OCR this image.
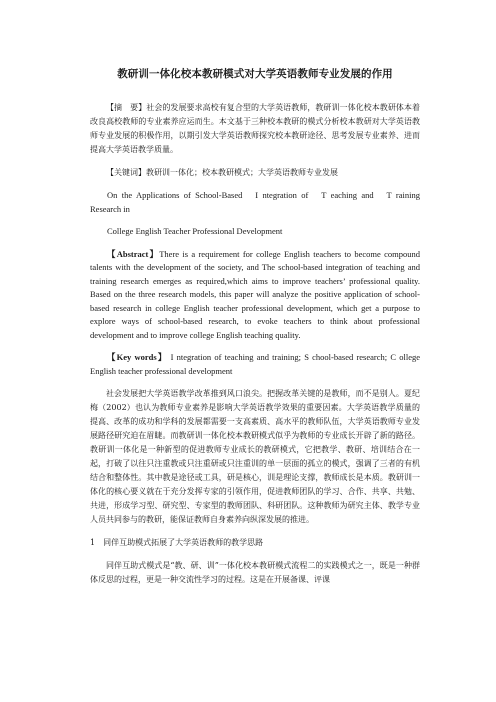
教研训一体化校本教研模式对大学英语教师专业发展的作用

【摘　要】社会的发展要求高校有复合型的大学英语教师，教研训一体化校本教研体本着改良高校教师的专业素养应运而生。本文基于三种校本教研的模式分析校本教研对大学英语教师专业发展的积极作用，以期引发大学英语教师探究校本教研途径、思考发展专业素养、进而提高大学英语教学质量。

【关键词】教研训一体化；校本教研模式；大学英语教师专业发展

On the Applications of School-Based　I ntegration of　T eaching and　T raining Research in

College English Teacher Professional Development

【Abstract】There is a requirement for college English teachers to become compound talents with the development of the society, and The school-based integration of teaching and training research emerges as required,which aims to improve teachers’ professional quality. Based on the three research models, this paper will analyze the positive application of school-based research in college English teacher professional development, which get a purpose to explore ways of school-based research, to evoke teachers to think about professional development and to improve college English teaching quality.

【Key words】 I ntegration of teaching and training; S chool-based research; C ollege English teacher professional development

社会发展把大学英语教学改革推到风口浪尖。把握改革关键的是教师，而不是别人。夏纪梅（2002）也认为教师专业素养是影响大学英语教学效果的重要因素。大学英语教学质量的提高、改革的成功和学科的发展都需要一支高素质、高水平的教师队伍，大学英语教师专业发展路径研究迫在眉睫。而教研训一体化校本教研模式似乎为教师的专业成长开辟了新的路径。教研训一体化是一种新型的促进教师专业成长的教研模式，它把教学、教研、培训结合在一起，打破了以往只注重教或只注重研或只注重训的单一层面的孤立的模式，强调了三者的有机结合和整体性。其中教是途径或工具，研是核心，训是理论支撑，教师成长是本质。教研训一体化的核心要义就在于充分发挥专家的引领作用，促进教师团队的学习、合作、共享、共勉、共进，形成学习型、研究型、专家型的教师团队、科研团队。这种教师为研究主体、教学专业人员共同参与的教研，能保证教师自身素养向纵深发展的推进。

1　同伴互助模式拓展了大学英语教师的教学思路

同伴互助式模式是“教、研、训”一体化校本教研模式流程二的实践模式之一，既是一种群体反思的过程，更是一种交流性学习的过程。这是在开展备课、评课
